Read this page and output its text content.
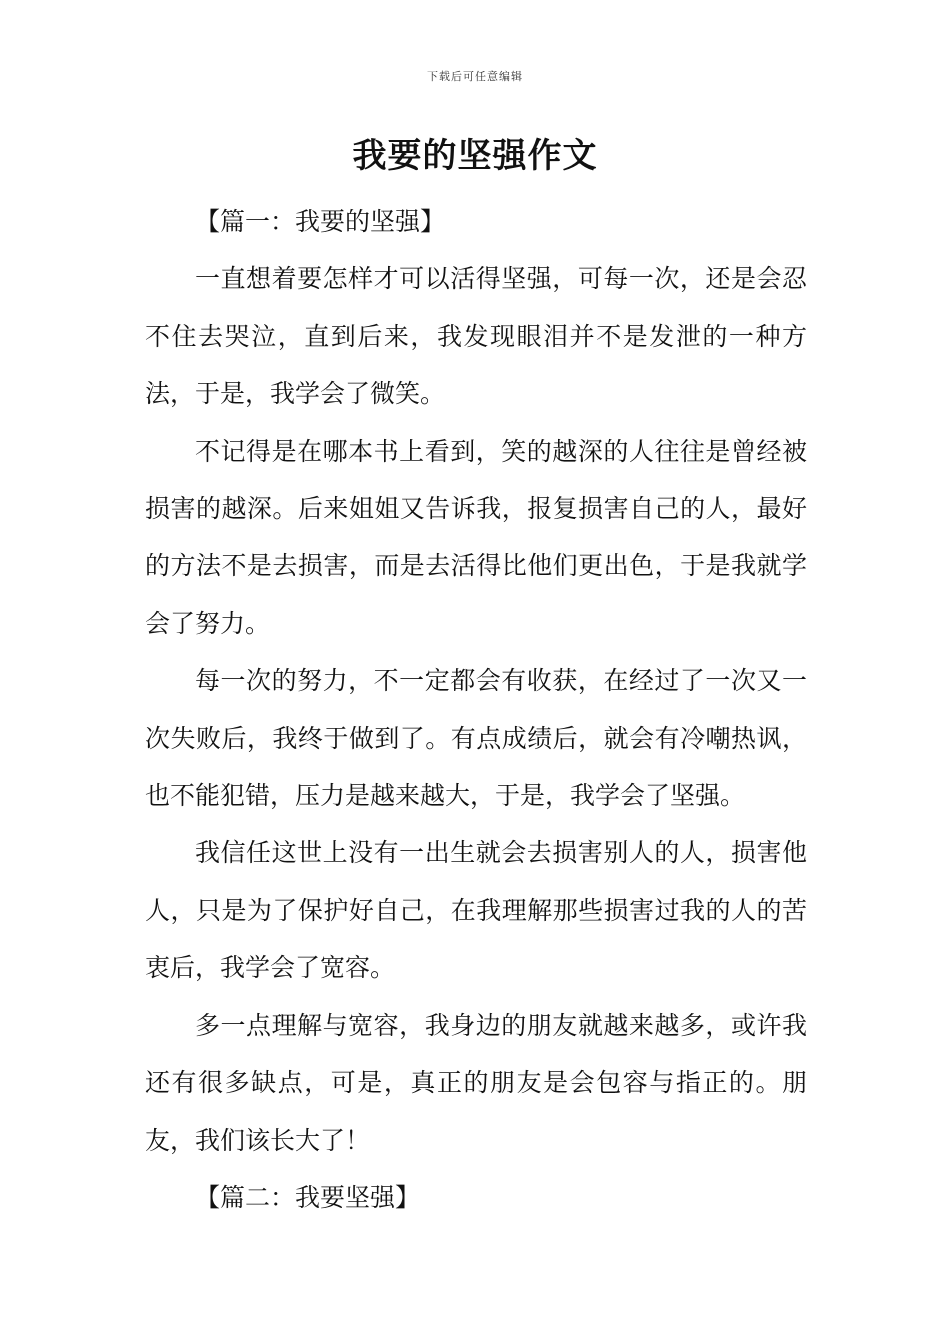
下载后可任意编辑
我要的坚强作文

【篇一：我要的坚强】

一直想着要怎样才可以活得坚强，可每一次，还是会忍不住去哭泣，直到后来，我发现眼泪并不是发泄的一种方法，于是，我学会了微笑。

不记得是在哪本书上看到，笑的越深的人往往是曾经被损害的越深。后来姐姐又告诉我，报复损害自己的人，最好的方法不是去损害，而是去活得比他们更出色，于是我就学会了努力。

每一次的努力，不一定都会有收获，在经过了一次又一次失败后，我终于做到了。有点成绩后，就会有冷嘲热讽，也不能犯错，压力是越来越大，于是，我学会了坚强。

我信任这世上没有一出生就会去损害别人的人，损害他人，只是为了保护好自己，在我理解那些损害过我的人的苦衷后，我学会了宽容。

多一点理解与宽容，我身边的朋友就越来越多，或许我还有很多缺点，可是，真正的朋友是会包容与指正的。朋友，我们该长大了！

【篇二：我要坚强】
